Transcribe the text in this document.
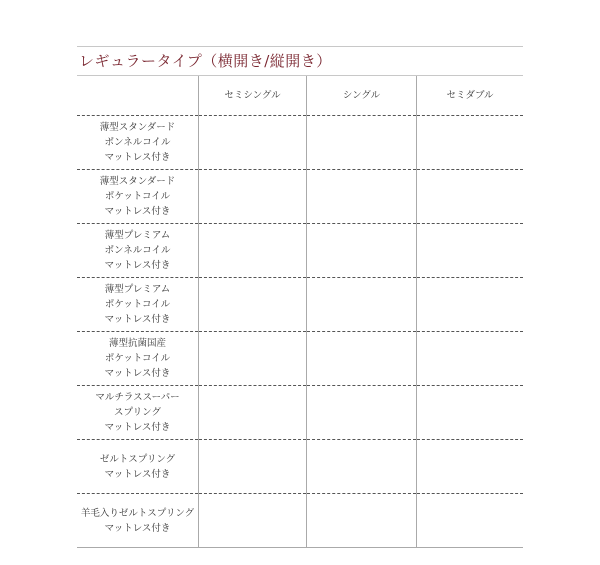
レギュラータイプ（横開き/縦開き）
	セミシングル	シングル	セミダブル

薄型スタンダード
ボンネルコイル
マットレス付き			

薄型スタンダード
ポケットコイル
マットレス付き			

薄型プレミアム
ボンネルコイル
マットレス付き			

薄型プレミアム
ポケットコイル
マットレス付き			

薄型抗菌国産
ポケットコイル
マットレス付き			

マルチラススーパー
スプリング
マットレス付き			

ゼルトスプリング
マットレス付き			

羊毛入りゼルトスプリング
マットレス付き			
